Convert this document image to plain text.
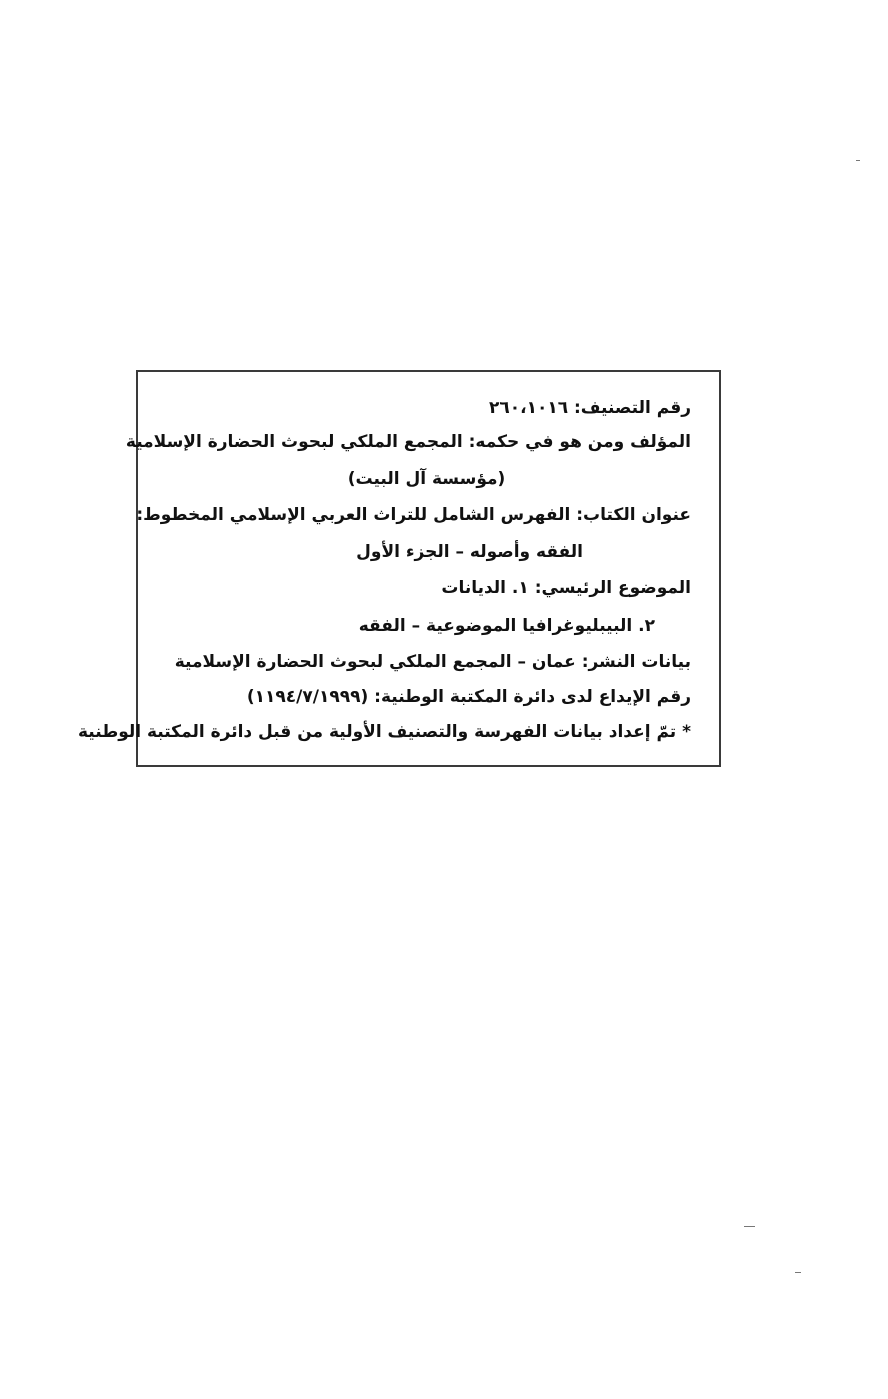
رقم التصنيف: ٢٦٠،١٠١٦
المؤلف ومن هو في حكمه: المجمع الملكي لبحوث الحضارة الإسلامية
(مؤسسة آل البيت)
عنوان الكتاب: الفهرس الشامل للتراث العربي الإسلامي المخطوط:
الفقه وأصوله – الجزء الأول
الموضوع الرئيسي: ١. الديانات
٢. البيبليوغرافيا الموضوعية – الفقه
بيانات النشر: عمان – المجمع الملكي لبحوث الحضارة الإسلامية
رقم الإيداع لدى دائرة المكتبة الوطنية: (١١٩٤/٧/١٩٩٩)
* تمّ إعداد بيانات الفهرسة والتصنيف الأولية من قبل دائرة المكتبة الوطنية
